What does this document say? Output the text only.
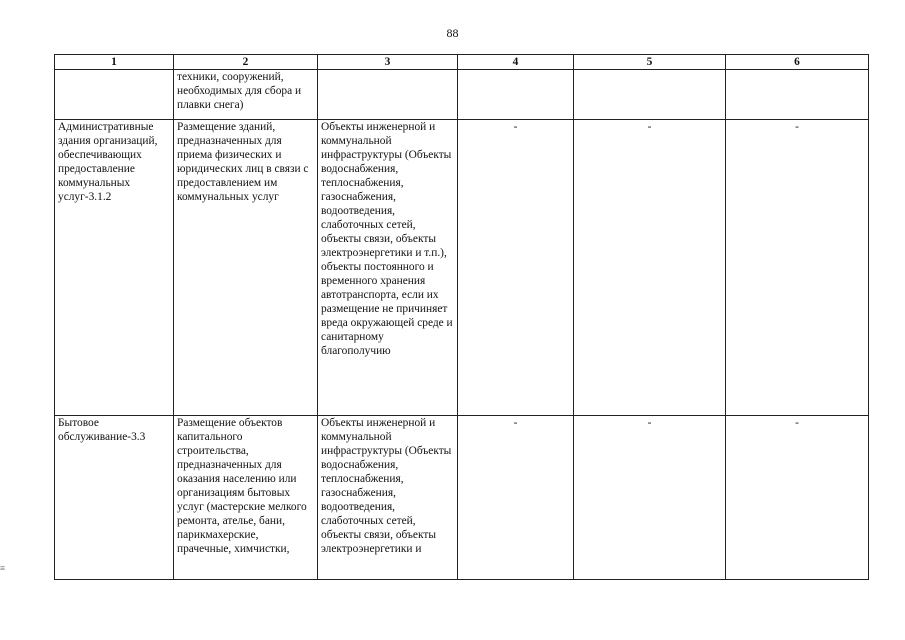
88
≡
1	2	3	4	5	6
	техники, сооружений, необходимых для сбора и плавки снега)				
Административные здания организаций, обеспечивающих предоставление коммунальных услуг-3.1.2	Размещение зданий, предназначенных для приема физических и юридических лиц в связи с предоставлением им коммунальных услуг	Объекты инженерной и коммунальной инфраструктуры (Объекты водоснабжения, теплоснабжения, газоснабжения, водоотведения, слаботочных сетей, объекты связи, объекты электроэнергетики и т.п.), объекты постоянного и временного хранения автотранспорта, если их размещение не причиняет вреда окружающей среде и санитарному благополучию	-	-	-
Бытовое обслуживание-3.3	Размещение объектов капитального строительства, предназначенных для оказания населению или организациям бытовых услуг (мастерские мелкого ремонта, ателье, бани, парикмахерские, прачечные, химчистки,	Объекты инженерной и коммунальной инфраструктуры (Объекты водоснабжения, теплоснабжения, газоснабжения, водоотведения, слаботочных сетей, объекты связи, объекты электроэнергетики и	-	-	-
